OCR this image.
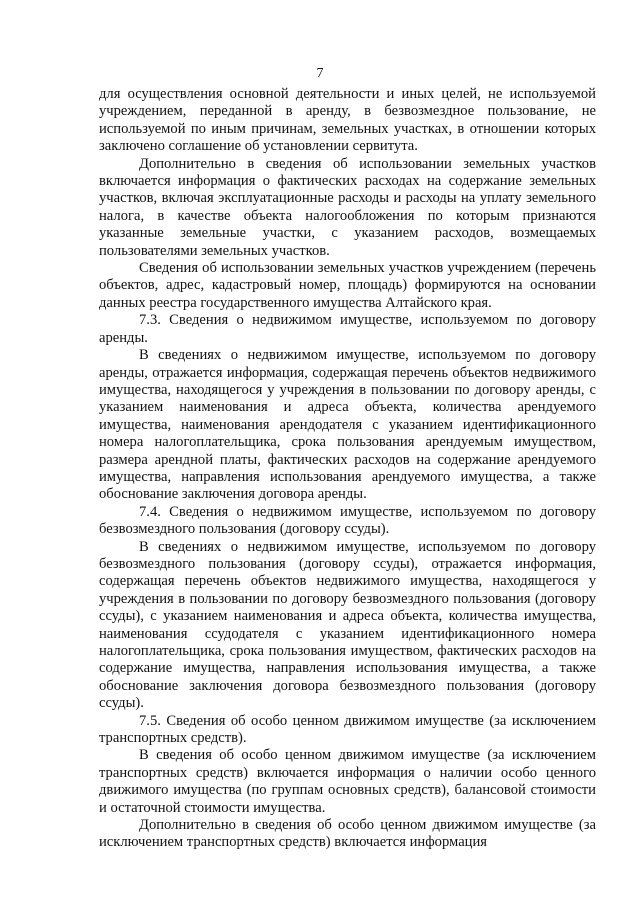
7

для осуществления основной деятельности и иных целей, не используемой учреждением, переданной в аренду, в безвозмездное пользование, не используемой по иным причинам, земельных участках, в отношении которых заключено соглашение об установлении сервитута.

Дополнительно в сведения об использовании земельных участков включается информация о фактических расходах на содержание земельных участков, включая эксплуатационные расходы и расходы на уплату земельного налога, в качестве объекта налогообложения по которым признаются указанные земельные участки, с указанием расходов, возмещаемых пользователями земельных участков.

Сведения об использовании земельных участков учреждением (перечень объектов, адрес, кадастровый номер, площадь) формируются на основании данных реестра государственного имущества Алтайского края.

7.3. Сведения о недвижимом имуществе, используемом по договору аренды.

В сведениях о недвижимом имуществе, используемом по договору аренды, отражается информация, содержащая перечень объектов недвижимого имущества, находящегося у учреждения в пользовании по договору аренды, с указанием наименования и адреса объекта, количества арендуемого имущества, наименования арендодателя с указанием идентификационного номера налогоплательщика, срока пользования арендуемым имуществом, размера арендной платы, фактических расходов на содержание арендуемого имущества, направления использования арендуемого имущества, а также обоснование заключения договора аренды.

7.4. Сведения о недвижимом имуществе, используемом по договору безвозмездного пользования (договору ссуды).

В сведениях о недвижимом имуществе, используемом по договору безвозмездного пользования (договору ссуды), отражается информация, содержащая перечень объектов недвижимого имущества, находящегося у учреждения в пользовании по договору безвозмездного пользования (договору ссуды), с указанием наименования и адреса объекта, количества имущества, наименования ссудодателя с указанием идентификационного номера налогоплательщика, срока пользования имуществом, фактических расходов на содержание имущества, направления использования имущества, а также обоснование заключения договора безвозмездного пользования (договору ссуды).

7.5. Сведения об особо ценном движимом имуществе (за исключением транспортных средств).

В сведения об особо ценном движимом имуществе (за исключением транспортных средств) включается информация о наличии особо ценного движимого имущества (по группам основных средств), балансовой стоимости и остаточной стоимости имущества.

Дополнительно в сведения об особо ценном движимом имуществе (за исключением транспортных средств) включается информация
